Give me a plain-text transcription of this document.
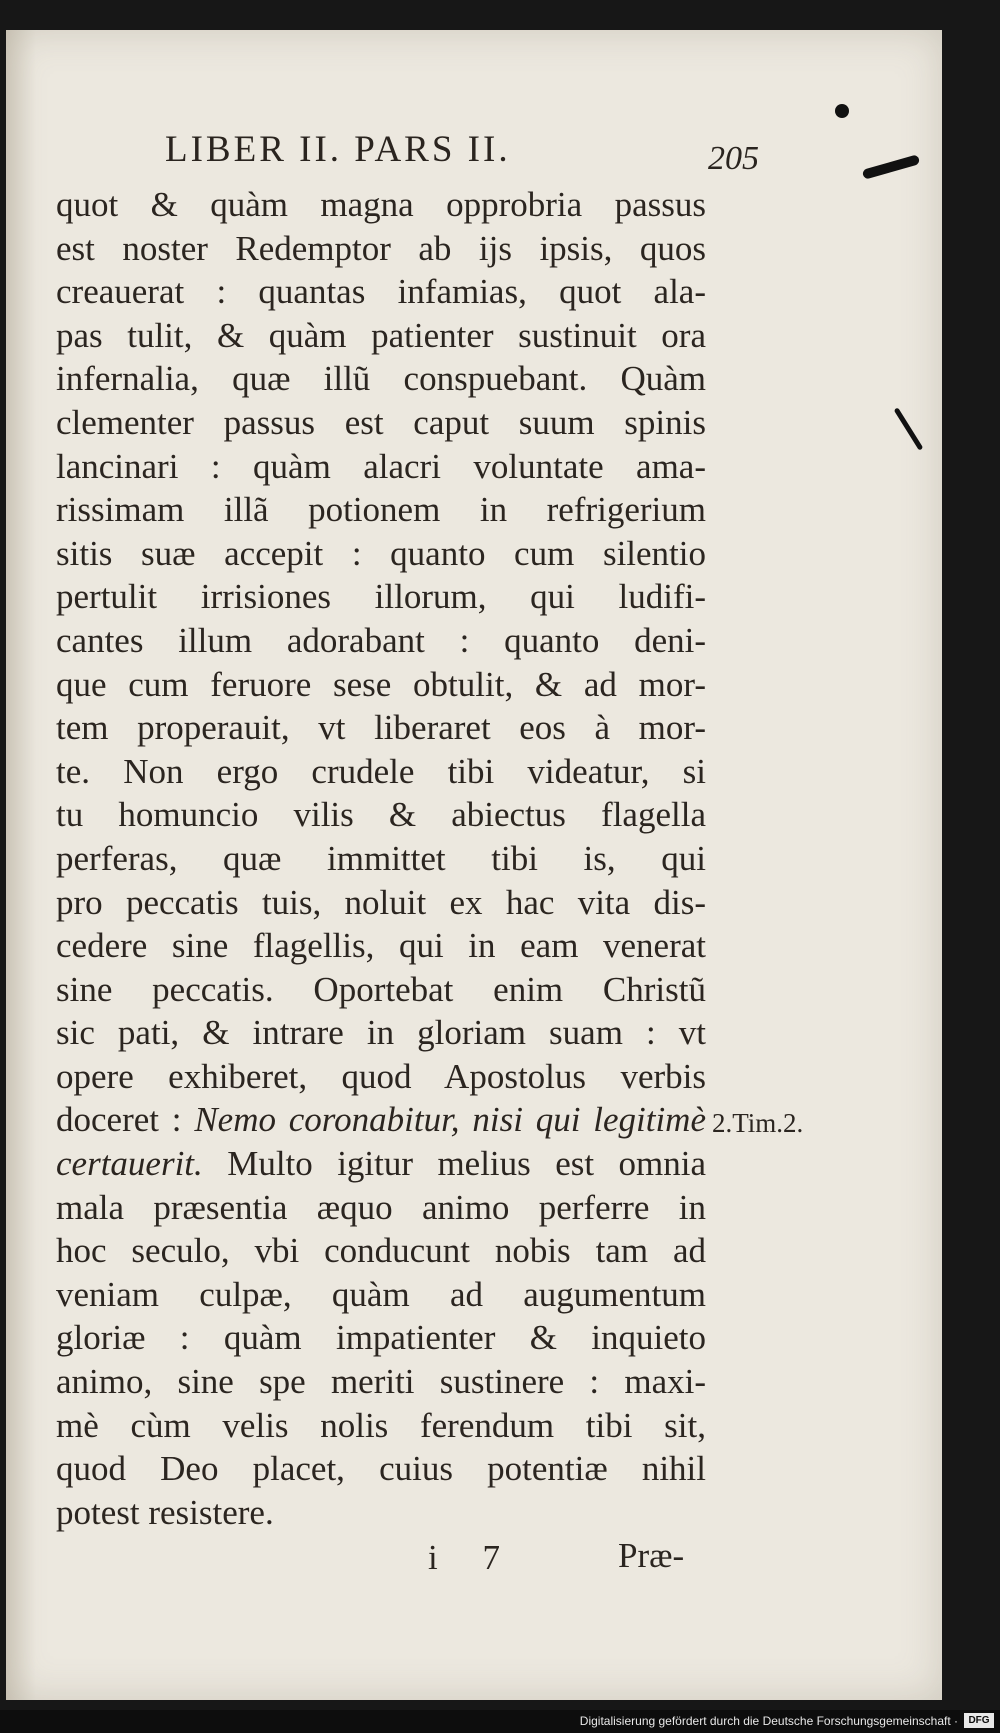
LIBER II. PARS II.	205
quot & quàm magna opprobria passus
est noster Redemptor ab ijs ipsis, quos
creauerat : quantas infamias, quot ala-
pas tulit, & quàm patienter sustinuit ora
infernalia, quæ illũ conspuebant. Quàm
clementer passus est caput suum spinis
lancinari : quàm alacri voluntate ama-
rissimam illã potionem in refrigerium
sitis suæ accepit : quanto cum silentio
pertulit irrisiones illorum, qui ludifi-
cantes illum adorabant : quanto deni-
que cum feruore sese obtulit, & ad mor-
tem properauit, vt liberaret eos à mor-
te. Non ergo crudele tibi videatur, si
tu homuncio vilis & abiectus flagella
perferas, quæ immittet tibi is, qui
pro peccatis tuis, noluit ex hac vita dis-
cedere sine flagellis, qui in eam venerat
sine peccatis. Oportebat enim Christũ
sic pati, & intrare in gloriam suam : vt
opere exhiberet, quod Apostolus verbis
doceret : Nemo coronabitur, nisi qui legitimè
certauerit. Multo igitur melius est omnia
mala præsentia æquo animo perferre in
hoc seculo, vbi conducunt nobis tam ad
veniam culpæ, quàm ad augumentum
gloriæ : quàm impatienter & inquieto
animo, sine spe meriti sustinere : maxi-
mè cùm velis nolis ferendum tibi sit,
quod Deo placet, cuius potentiæ nihil
potest resistere.
2.Tim.2.
i 7	Præ-
Digitalisierung gefördert durch die Deutsche Forschungsgemeinschaft ·	DFG
